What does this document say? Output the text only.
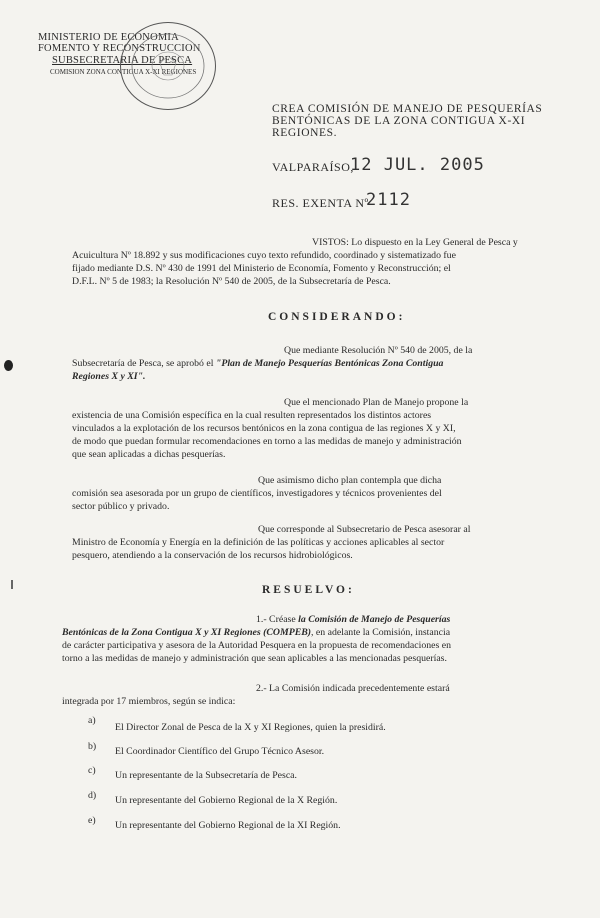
MINISTERIO DE ECONOMIA
FOMENTO Y RECONSTRUCCION
SUBSECRETARIA DE PESCA
COMISION ZONA CONTIGUA X-XI REGIONES
CREA COMISIÓN DE MANEJO DE PESQUERÍAS
BENTÓNICAS DE LA ZONA CONTIGUA X-XI
REGIONES.
VALPARAÍSO,
12 JUL. 2005
RES. EXENTA Nº
2112
VISTOS: Lo dispuesto en la Ley General de Pesca y
Acuicultura Nº 18.892 y sus modificaciones cuyo texto refundido, coordinado y sistematizado fue
fijado mediante D.S. Nº 430 de 1991 del Ministerio de Economía, Fomento y Reconstrucción; el
D.F.L. Nº 5 de 1983; la Resolución Nº 540 de 2005, de la Subsecretaría de Pesca.
CONSIDERANDO:
Que mediante Resolución Nº 540 de 2005, de la
Subsecretaría de Pesca, se aprobó el "Plan de Manejo Pesquerías Bentónicas Zona Contigua
Regiones X y XI".
Que el mencionado Plan de Manejo propone la
existencia de una Comisión específica en la cual resulten representados los distintos actores
vinculados a la explotación de los recursos bentónicos en la zona contigua de las regiones X y XI,
de modo que puedan formular recomendaciones en torno a las medidas de manejo y administración
que sean aplicadas a dichas pesquerías.
Que asimismo dicho plan contempla que dicha
comisión sea asesorada por un grupo de científicos, investigadores y técnicos provenientes del
sector público y privado.
Que corresponde al Subsecretario de Pesca asesorar al
Ministro de Economía y Energía en la definición de las políticas y acciones aplicables al sector
pesquero, atendiendo a la conservación de los recursos hidrobiológicos.
RESUELVO:
1.- Créase la Comisión de Manejo de Pesquerías
Bentónicas de la Zona Contigua X y XI Regiones (COMPEB), en adelante la Comisión, instancia
de carácter participativa y asesora de la Autoridad Pesquera en la propuesta de recomendaciones en
torno a las medidas de manejo y administración que sean aplicables a las mencionadas pesquerías.
2.- La Comisión indicada precedentemente estará
integrada por 17 miembros, según se indica:
a)
El Director Zonal de Pesca de la X y XI Regiones, quien la presidirá.
b) El Coordinador Científico del Grupo Técnico Asesor.
c) Un representante de la Subsecretaría de Pesca.
d) Un representante del Gobierno Regional de la X Región.
e) Un representante del Gobierno Regional de la XI Región.
